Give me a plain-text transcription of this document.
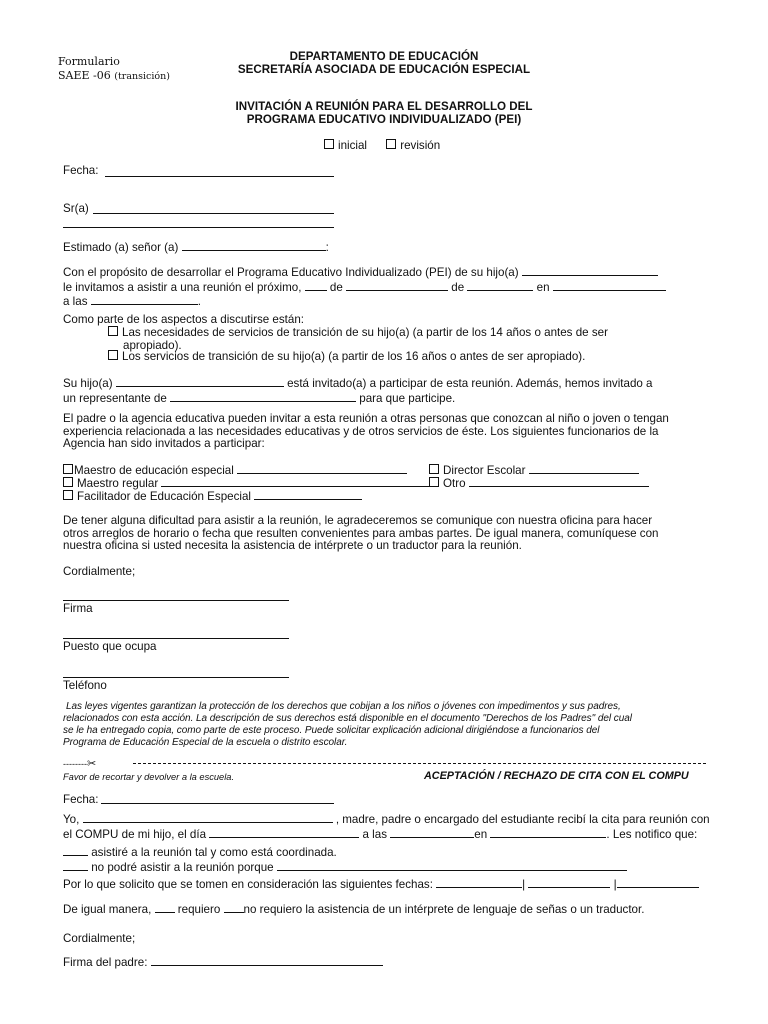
Formulario
SAEE -06 (transición)
DEPARTAMENTO DE EDUCACIÓN
SECRETARÍA ASOCIADA DE EDUCACIÓN ESPECIAL
INVITACIÓN A REUNIÓN PARA EL DESARROLLO DEL
PROGRAMA EDUCATIVO INDIVIDUALIZADO (PEI)
inicial	revisión
Fecha:
Sr(a)
Estimado (a) señor (a)	:
Con el propósito de desarrollar el Programa Educativo Individualizado (PEI) de su hijo(a)
le invitamos a asistir a una reunión el próximo, de	de	en
a las	.
Como parte de los aspectos a discutirse están:
Las necesidades de servicios de transición de su hijo(a) (a partir de los 14 años o antes de ser
apropiado).
Los servicios de transición de su hijo(a) (a partir de los 16 años o antes de ser apropiado).
Su hijo(a)	está invitado(a) a participar de esta reunión. Además, hemos invitado a
un representante de	para que participe.
El padre o la agencia educativa pueden invitar a esta reunión a otras personas que conozcan al niño o joven o tengan
experiencia relacionada a las necesidades educativas y de otros servicios de éste. Los siguientes funcionarios de la
Agencia han sido invitados a participar:
Maestro de educación especial	Director Escolar
Maestro regular	Otro
Facilitador de Educación Especial
De tener alguna dificultad para asistir a la reunión, le agradeceremos se comunique con nuestra oficina para hacer
otros arreglos de horario o fecha que resulten convenientes para ambas partes. De igual manera, comuníquese con
nuestra oficina si usted necesita la asistencia de intérprete o un traductor para la reunión.
Cordialmente;
Firma
Puesto que ocupa
Teléfono
Las leyes vigentes garantizan la protección de los derechos que cobijan a los niños o jóvenes con impedimentos y sus padres,
relacionados con esta acción. La descripción de sus derechos está disponible en el documento "Derechos de los Padres" del cual
se le ha entregado copia, como parte de este proceso. Puede solicitar explicación adicional dirigiéndose a funcionarios del
Programa de Educación Especial de la escuela o distrito escolar.
--------✂
Favor de recortar y devolver a la escuela.	ACEPTACIÓN / RECHAZO DE CITA CON EL COMPU
Fecha:
Yo,	, madre, padre o encargado del estudiante recibí la cita para reunión con
el COMPU de mi hijo, el día	a las	en	. Les notifico que:
asistiré a la reunión tal y como está coordinada.
no podré asistir a la reunión porque
Por lo que solicito que se tomen en consideración las siguientes fechas:	|	|
De igual manera, requiero no requiero la asistencia de un intérprete de lenguaje de señas o un traductor.
Cordialmente;
Firma del padre:
